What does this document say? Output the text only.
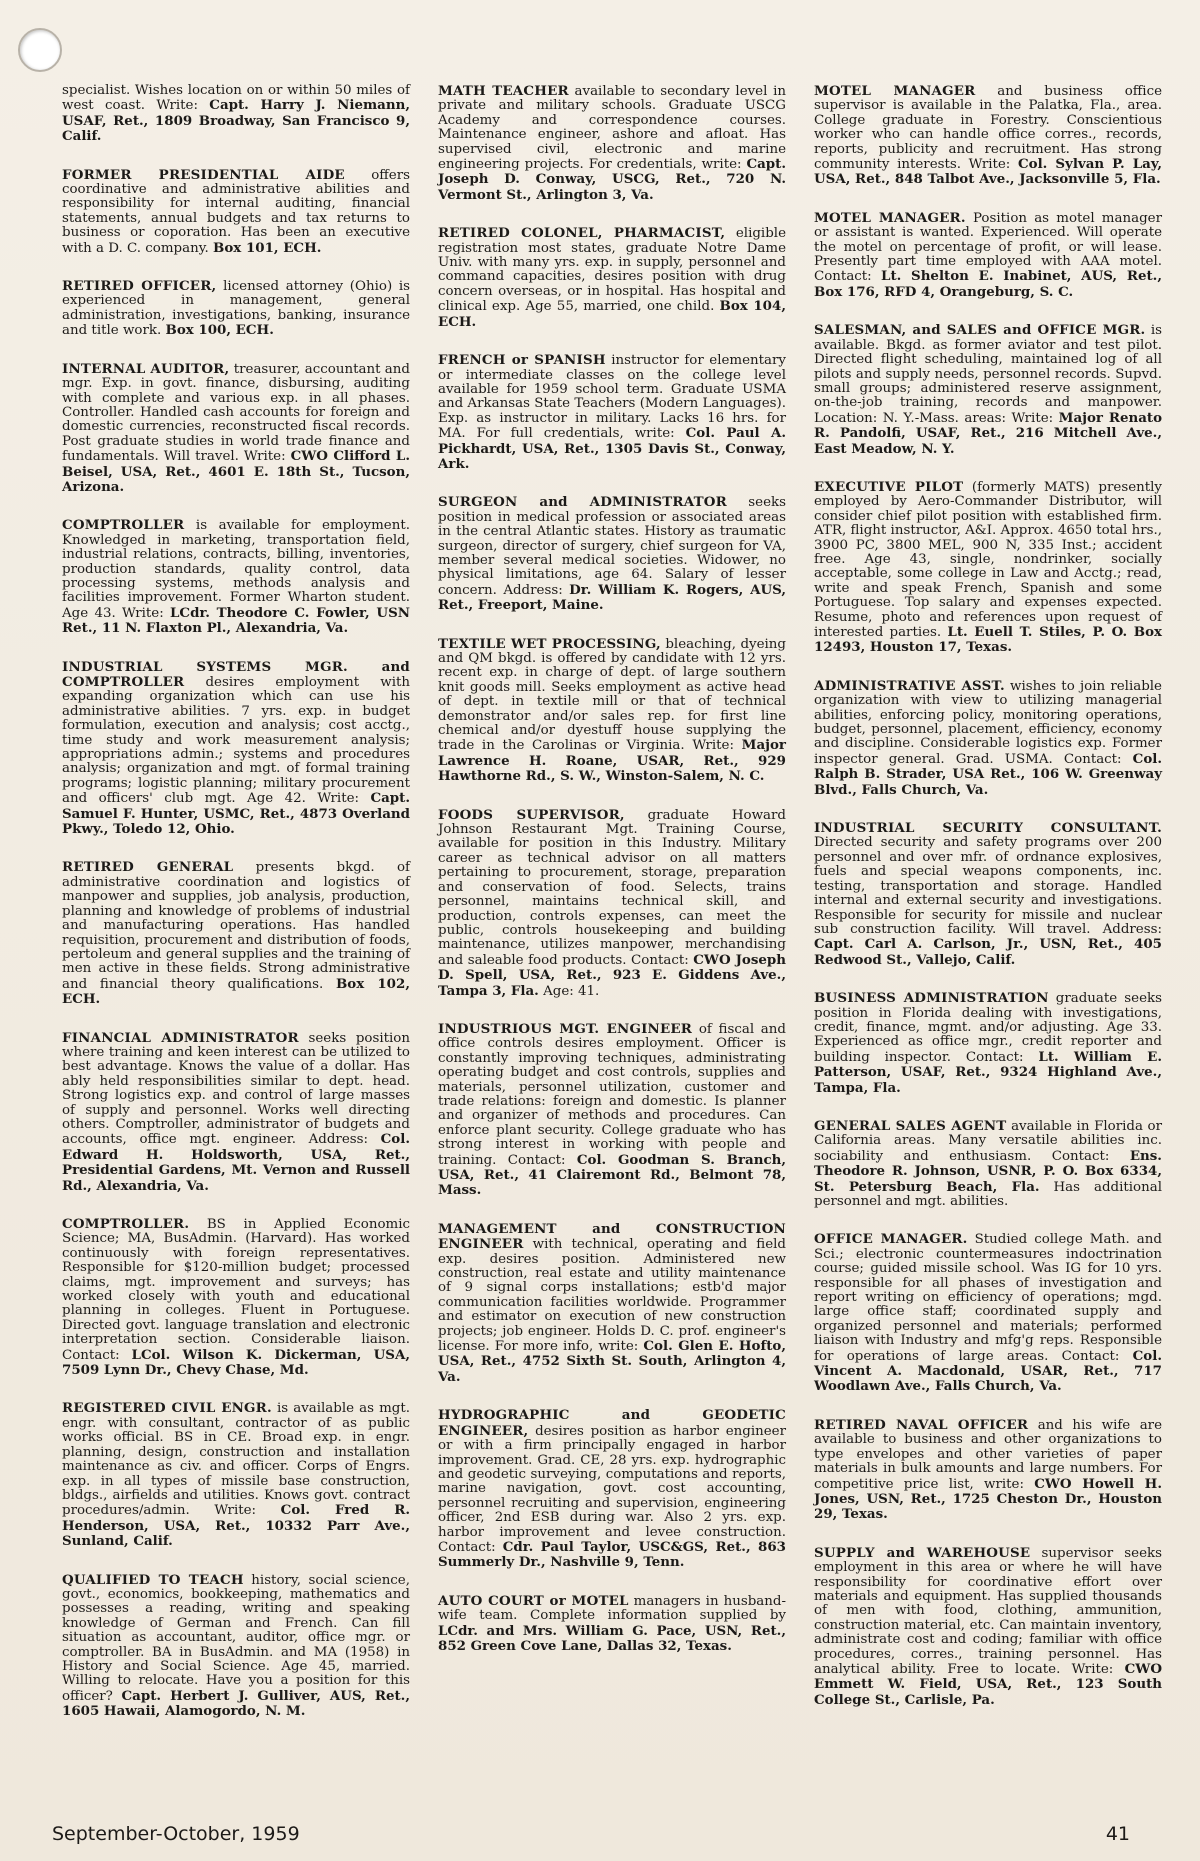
specialist. Wishes location on or within 50 miles of west coast. Write: Capt. Harry J. Niemann, USAF, Ret., 1809 Broadway, San Francisco 9, Calif.

FORMER PRESIDENTIAL AIDE offers coordinative and administrative abilities and responsibility for internal auditing, financial statements, annual budgets and tax returns to business or coporation. Has been an executive with a D. C. company. Box 101, ECH.

RETIRED OFFICER, licensed attorney (Ohio) is experienced in management, general administration, investigations, banking, insurance and title work. Box 100, ECH.

INTERNAL AUDITOR, treasurer, accountant and mgr. Exp. in govt. finance, disbursing, auditing with complete and various exp. in all phases. Controller. Handled cash accounts for foreign and domestic currencies, reconstructed fiscal records. Post graduate studies in world trade finance and fundamentals. Will travel. Write: CWO Clifford L. Beisel, USA, Ret., 4601 E. 18th St., Tucson, Arizona.

COMPTROLLER is available for employment. Knowledged in marketing, transportation field, industrial relations, contracts, billing, inventories, production standards, quality control, data processing systems, methods analysis and facilities improvement. Former Wharton student. Age 43. Write: LCdr. Theodore C. Fowler, USN Ret., 11 N. Flaxton Pl., Alexandria, Va.

INDUSTRIAL SYSTEMS MGR. and COMPTROLLER desires employment with expanding organization which can use his administrative abilities. 7 yrs. exp. in budget formulation, execution and analysis; cost acctg., time study and work measurement analysis; appropriations admin.; systems and procedures analysis; organization and mgt. of formal training programs; logistic planning; military procurement and officers' club mgt. Age 42. Write: Capt. Samuel F. Hunter, USMC, Ret., 4873 Overland Pkwy., Toledo 12, Ohio.

RETIRED GENERAL presents bkgd. of administrative coordination and logistics of manpower and supplies, job analysis, production, planning and knowledge of problems of industrial and manufacturing operations. Has handled requisition, procurement and distribution of foods, pertoleum and general supplies and the training of men active in these fields. Strong administrative and financial theory qualifications. Box 102, ECH.

FINANCIAL ADMINISTRATOR seeks position where training and keen interest can be utilized to best advantage. Knows the value of a dollar. Has ably held responsibilities similar to dept. head. Strong logistics exp. and control of large masses of supply and personnel. Works well directing others. Comptroller, administrator of budgets and accounts, office mgt. engineer. Address: Col. Edward H. Holdsworth, USA, Ret., Presidential Gardens, Mt. Vernon and Russell Rd., Alexandria, Va.

COMPTROLLER. BS in Applied Economic Science; MA, BusAdmin. (Harvard). Has worked continuously with foreign representatives. Responsible for $120-million budget; processed claims, mgt. improvement and surveys; has worked closely with youth and educational planning in colleges. Fluent in Portuguese. Directed govt. language translation and electronic interpretation section. Considerable liaison. Contact: LCol. Wilson K. Dickerman, USA, 7509 Lynn Dr., Chevy Chase, Md.

REGISTERED CIVIL ENGR. is available as mgt. engr. with consultant, contractor of as public works official. BS in CE. Broad exp. in engr. planning, design, construction and installation maintenance as civ. and officer. Corps of Engrs. exp. in all types of missile base construction, bldgs., airfields and utilities. Knows govt. contract procedures/admin. Write: Col. Fred R. Henderson, USA, Ret., 10332 Parr Ave., Sunland, Calif.

QUALIFIED TO TEACH history, social science, govt., economics, bookkeeping, mathematics and possesses a reading, writing and speaking knowledge of German and French. Can fill situation as accountant, auditor, office mgr. or comptroller. BA in BusAdmin. and MA (1958) in History and Social Science. Age 45, married. Willing to relocate. Have you a position for this officer? Capt. Herbert J. Gulliver, AUS, Ret., 1605 Hawaii, Alamogordo, N. M.

MATH TEACHER available to secondary level in private and military schools. Graduate USCG Academy and correspondence courses. Maintenance engineer, ashore and afloat. Has supervised civil, electronic and marine engineering projects. For credentials, write: Capt. Joseph D. Conway, USCG, Ret., 720 N. Vermont St., Arlington 3, Va.

RETIRED COLONEL, PHARMACIST, eligible registration most states, graduate Notre Dame Univ. with many yrs. exp. in supply, personnel and command capacities, desires position with drug concern overseas, or in hospital. Has hospital and clinical exp. Age 55, married, one child. Box 104, ECH.

FRENCH or SPANISH instructor for elementary or intermediate classes on the college level available for 1959 school term. Graduate USMA and Arkansas State Teachers (Modern Languages). Exp. as instructor in military. Lacks 16 hrs. for MA. For full credentials, write: Col. Paul A. Pickhardt, USA, Ret., 1305 Davis St., Conway, Ark.

SURGEON and ADMINISTRATOR seeks position in medical profession or associated areas in the central Atlantic states. History as traumatic surgeon, director of surgery, chief surgeon for VA, member several medical societies. Widower, no physical limitations, age 64. Salary of lesser concern. Address: Dr. William K. Rogers, AUS, Ret., Freeport, Maine.

TEXTILE WET PROCESSING, bleaching, dyeing and QM bkgd. is offered by candidate with 12 yrs. recent exp. in charge of dept. of large southern knit goods mill. Seeks employment as active head of dept. in textile mill or that of technical demonstrator and/or sales rep. for first line chemical and/or dyestuff house supplying the trade in the Carolinas or Virginia. Write: Major Lawrence H. Roane, USAR, Ret., 929 Hawthorne Rd., S. W., Winston-Salem, N. C.

FOODS SUPERVISOR, graduate Howard Johnson Restaurant Mgt. Training Course, available for position in this Industry. Military career as technical advisor on all matters pertaining to procurement, storage, preparation and conservation of food. Selects, trains personnel, maintains technical skill, and production, controls expenses, can meet the public, controls housekeeping and building maintenance, utilizes manpower, merchandising and saleable food products. Contact: CWO Joseph D. Spell, USA, Ret., 923 E. Giddens Ave., Tampa 3, Fla. Age: 41.

INDUSTRIOUS MGT. ENGINEER of fiscal and office controls desires employment. Officer is constantly improving techniques, administrating operating budget and cost controls, supplies and materials, personnel utilization, customer and trade relations: foreign and domestic. Is planner and organizer of methods and procedures. Can enforce plant security. College graduate who has strong interest in working with people and training. Contact: Col. Goodman S. Branch, USA, Ret., 41 Clairemont Rd., Belmont 78, Mass.

MANAGEMENT and CONSTRUCTION ENGINEER with technical, operating and field exp. desires position. Administered new construction, real estate and utility maintenance of 9 signal corps installations; estb'd major communication facilities worldwide. Programmer and estimator on execution of new construction projects; job engineer. Holds D. C. prof. engineer's license. For more info, write: Col. Glen E. Hofto, USA, Ret., 4752 Sixth St. South, Arlington 4, Va.

HYDROGRAPHIC and GEODETIC ENGINEER, desires position as harbor engineer or with a firm principally engaged in harbor improvement. Grad. CE, 28 yrs. exp. hydrographic and geodetic surveying, computations and reports, marine navigation, govt. cost accounting, personnel recruiting and supervision, engineering officer, 2nd ESB during war. Also 2 yrs. exp. harbor improvement and levee construction. Contact: Cdr. Paul Taylor, USC&GS, Ret., 863 Summerly Dr., Nashville 9, Tenn.

AUTO COURT or MOTEL managers in husband-wife team. Complete information supplied by LCdr. and Mrs. William G. Pace, USN, Ret., 852 Green Cove Lane, Dallas 32, Texas.

MOTEL MANAGER and business office supervisor is available in the Palatka, Fla., area. College graduate in Forestry. Conscientious worker who can handle office corres., records, reports, publicity and recruitment. Has strong community interests. Write: Col. Sylvan P. Lay, USA, Ret., 848 Talbot Ave., Jacksonville 5, Fla.

MOTEL MANAGER. Position as motel manager or assistant is wanted. Experienced. Will operate the motel on percentage of profit, or will lease. Presently part time employed with AAA motel. Contact: Lt. Shelton E. Inabinet, AUS, Ret., Box 176, RFD 4, Orangeburg, S. C.

SALESMAN, and SALES and OFFICE MGR. is available. Bkgd. as former aviator and test pilot. Directed flight scheduling, maintained log of all pilots and supply needs, personnel records. Supvd. small groups; administered reserve assignment, on-the-job training, records and manpower. Location: N. Y.-Mass. areas: Write: Major Renato R. Pandolfi, USAF, Ret., 216 Mitchell Ave., East Meadow, N. Y.

EXECUTIVE PILOT (formerly MATS) presently employed by Aero-Commander Distributor, will consider chief pilot position with established firm. ATR, flight instructor, A&I. Approx. 4650 total hrs., 3900 PC, 3800 MEL, 900 N, 335 Inst.; accident free. Age 43, single, nondrinker, socially acceptable, some college in Law and Acctg.; read, write and speak French, Spanish and some Portuguese. Top salary and expenses expected. Resume, photo and references upon request of interested parties. Lt. Euell T. Stiles, P. O. Box 12493, Houston 17, Texas.

ADMINISTRATIVE ASST. wishes to join reliable organization with view to utilizing managerial abilities, enforcing policy, monitoring operations, budget, personnel, placement, efficiency, economy and discipline. Considerable logistics exp. Former inspector general. Grad. USMA. Contact: Col. Ralph B. Strader, USA Ret., 106 W. Greenway Blvd., Falls Church, Va.

INDUSTRIAL SECURITY CONSULTANT. Directed security and safety programs over 200 personnel and over mfr. of ordnance explosives, fuels and special weapons components, inc. testing, transportation and storage. Handled internal and external security and investigations. Responsible for security for missile and nuclear sub construction facility. Will travel. Address: Capt. Carl A. Carlson, Jr., USN, Ret., 405 Redwood St., Vallejo, Calif.

BUSINESS ADMINISTRATION graduate seeks position in Florida dealing with investigations, credit, finance, mgmt. and/or adjusting. Age 33. Experienced as office mgr., credit reporter and building inspector. Contact: Lt. William E. Patterson, USAF, Ret., 9324 Highland Ave., Tampa, Fla.

GENERAL SALES AGENT available in Florida or California areas. Many versatile abilities inc. sociability and enthusiasm. Contact: Ens. Theodore R. Johnson, USNR, P. O. Box 6334, St. Petersburg Beach, Fla. Has additional personnel and mgt. abilities.

OFFICE MANAGER. Studied college Math. and Sci.; electronic countermeasures indoctrination course; guided missile school. Was IG for 10 yrs. responsible for all phases of investigation and report writing on efficiency of operations; mgd. large office staff; coordinated supply and organized personnel and materials; performed liaison with Industry and mfg'g reps. Responsible for operations of large areas. Contact: Col. Vincent A. Macdonald, USAR, Ret., 717 Woodlawn Ave., Falls Church, Va.

RETIRED NAVAL OFFICER and his wife are available to business and other organizations to type envelopes and other varieties of paper materials in bulk amounts and large numbers. For competitive price list, write: CWO Howell H. Jones, USN, Ret., 1725 Cheston Dr., Houston 29, Texas.

SUPPLY and WAREHOUSE supervisor seeks employment in this area or where he will have responsibility for coordinative effort over materials and equipment. Has supplied thousands of men with food, clothing, ammunition, construction material, etc. Can maintain inventory, administrate cost and coding; familiar with office procedures, corres., training personnel. Has analytical ability. Free to locate. Write: CWO Emmett W. Field, USA, Ret., 123 South College St., Carlisle, Pa.

September-October, 1959	41
